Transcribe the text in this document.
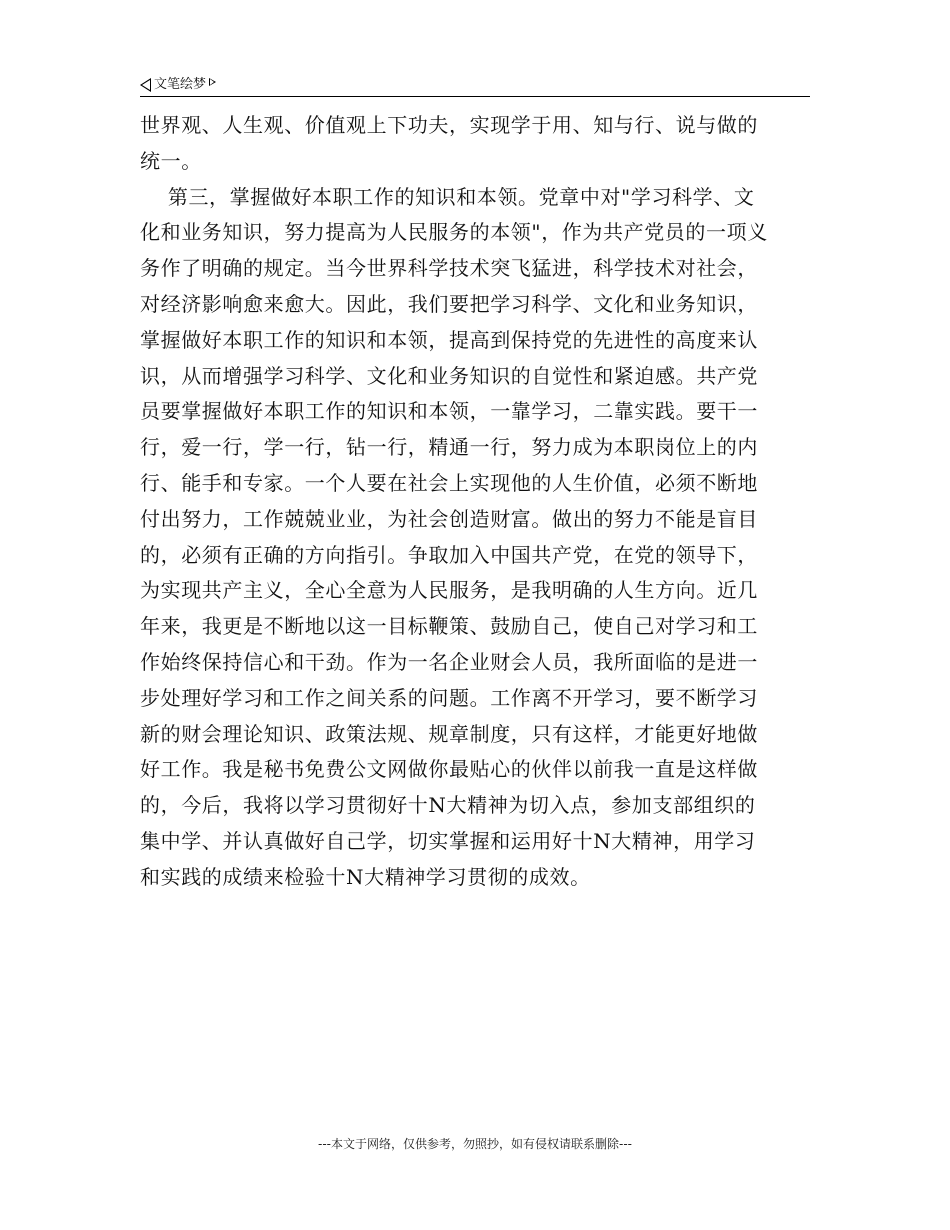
文笔绘梦

世界观、人生观、价值观上下功夫，实现学于用、知与行、说与做的

统一。

第三，掌握做好本职工作的知识和本领。党章中对"学习科学、文

化和业务知识，努力提高为人民服务的本领"，作为共产党员的一项义

务作了明确的规定。当今世界科学技术突飞猛进，科学技术对社会，

对经济影响愈来愈大。因此，我们要把学习科学、文化和业务知识，

掌握做好本职工作的知识和本领，提高到保持党的先进性的高度来认

识，从而增强学习科学、文化和业务知识的自觉性和紧迫感。共产党

员要掌握做好本职工作的知识和本领，一靠学习，二靠实践。要干一

行，爱一行，学一行，钻一行，精通一行，努力成为本职岗位上的内

行、能手和专家。一个人要在社会上实现他的人生价值，必须不断地

付出努力，工作兢兢业业，为社会创造财富。做出的努力不能是盲目

的，必须有正确的方向指引。争取加入中国共产党，在党的领导下，

为实现共产主义，全心全意为人民服务，是我明确的人生方向。近几

年来，我更是不断地以这一目标鞭策、鼓励自己，使自己对学习和工

作始终保持信心和干劲。作为一名企业财会人员，我所面临的是进一

步处理好学习和工作之间关系的问题。工作离不开学习，要不断学习

新的财会理论知识、政策法规、规章制度，只有这样，才能更好地做

好工作。我是秘书免费公文网做你最贴心的伙伴以前我一直是这样做

的，今后，我将以学习贯彻好十N大精神为切入点，参加支部组织的

集中学、并认真做好自己学，切实掌握和运用好十N大精神，用学习

和实践的成绩来检验十N大精神学习贯彻的成效。

---本文于网络，仅供参考，勿照抄，如有侵权请联系删除---
